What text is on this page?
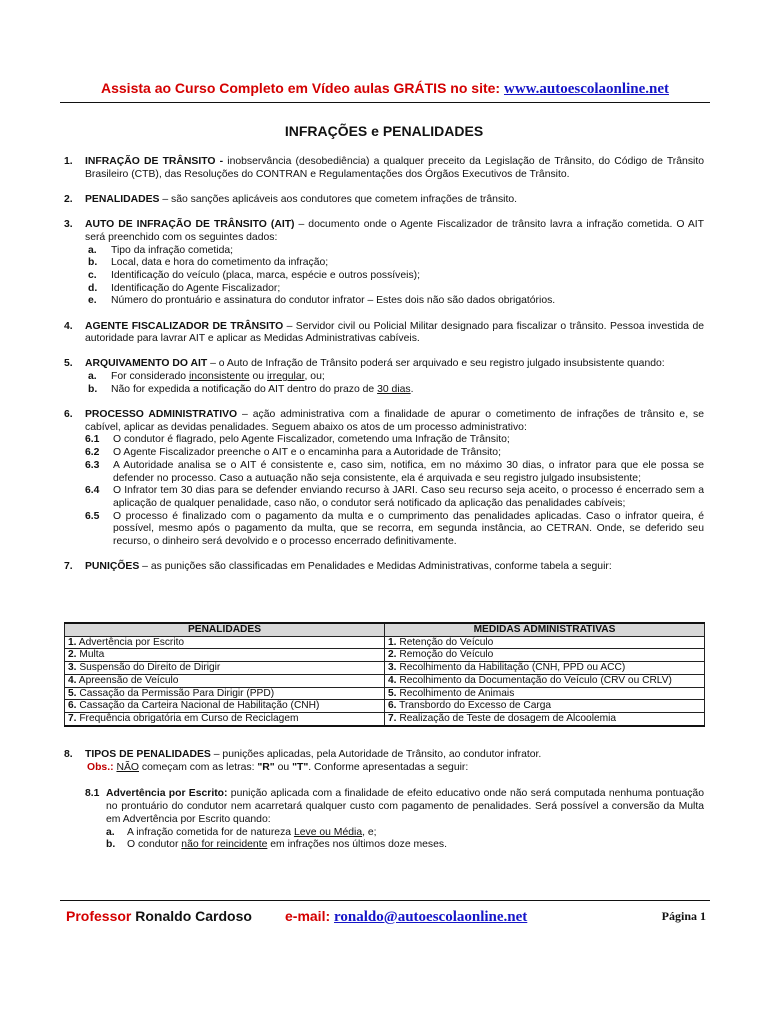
Assista ao Curso Completo em Vídeo aulas GRÁTIS no site: www.autoescolaonline.net
INFRAÇÕES e PENALIDADES
1. INFRAÇÃO DE TRÂNSITO - inobservância (desobediência) a qualquer preceito da Legislação de Trânsito, do Código de Trânsito Brasileiro (CTB), das Resoluções do CONTRAN e Regulamentações dos Órgãos Executivos de Trânsito.
2. PENALIDADES – são sanções aplicáveis aos condutores que cometem infrações de trânsito.
3. AUTO DE INFRAÇÃO DE TRÂNSITO (AIT) – documento onde o Agente Fiscalizador de trânsito lavra a infração cometida. O AIT será preenchido com os seguintes dados:
a. Tipo da infração cometida;
b. Local, data e hora do cometimento da infração;
c. Identificação do veículo (placa, marca, espécie e outros possíveis);
d. Identificação do Agente Fiscalizador;
e. Número do prontuário e assinatura do condutor infrator – Estes dois não são dados obrigatórios.
4. AGENTE FISCALIZADOR DE TRÂNSITO – Servidor civil ou Policial Militar designado para fiscalizar o trânsito. Pessoa investida de autoridade para lavrar AIT e aplicar as Medidas Administrativas cabíveis.
5. ARQUIVAMENTO DO AIT – o Auto de Infração de Trânsito poderá ser arquivado e seu registro julgado insubsistente quando:
a. For considerado inconsistente ou irregular, ou;
b. Não for expedida a notificação do AIT dentro do prazo de 30 dias.
6. PROCESSO ADMINISTRATIVO – ação administrativa com a finalidade de apurar o cometimento de infrações de trânsito e, se cabível, aplicar as devidas penalidades. Seguem abaixo os atos de um processo administrativo:
6.1 O condutor é flagrado, pelo Agente Fiscalizador, cometendo uma Infração de Trânsito;
6.2 O Agente Fiscalizador preenche o AIT e o encaminha para a Autoridade de Trânsito;
6.3 A Autoridade analisa se o AIT é consistente e, caso sim, notifica, em no máximo 30 dias, o infrator para que ele possa se defender no processo. Caso a autuação não seja consistente, ela é arquivada e seu registro julgado insubsistente;
6.4 O Infrator tem 30 dias para se defender enviando recurso à JARI. Caso seu recurso seja aceito, o processo é encerrado sem a aplicação de qualquer penalidade, caso não, o condutor será notificado da aplicação das penalidades cabíveis;
6.5 O processo é finalizado com o pagamento da multa e o cumprimento das penalidades aplicadas. Caso o infrator queira, é possível, mesmo após o pagamento da multa, que se recorra, em segunda instância, ao CETRAN. Onde, se deferido seu recurso, o dinheiro será devolvido e o processo encerrado definitivamente.
7. PUNIÇÕES – as punições são classificadas em Penalidades e Medidas Administrativas, conforme tabela a seguir:
PENALIDADES	MEDIDAS ADMINISTRATIVAS
1. Advertência por Escrito	1. Retenção do Veículo
2. Multa	2. Remoção do Veículo
3. Suspensão do Direito de Dirigir	3. Recolhimento da Habilitação (CNH, PPD ou ACC)
4. Apreensão de Veículo	4. Recolhimento da Documentação do Veículo (CRV ou CRLV)
5. Cassação da Permissão Para Dirigir (PPD)	5. Recolhimento de Animais
6. Cassação da Carteira Nacional de Habilitação (CNH)	6. Transbordo do Excesso de Carga
7. Frequência obrigatória em Curso de Reciclagem	7. Realização de Teste de dosagem de Alcoolemia
8. TIPOS DE PENALIDADES – punições aplicadas, pela Autoridade de Trânsito, ao condutor infrator.
Obs.: NÃO começam com as letras: "R" ou "T". Conforme apresentadas a seguir:
8.1 Advertência por Escrito: punição aplicada com a finalidade de efeito educativo onde não será computada nenhuma pontuação no prontuário do condutor nem acarretará qualquer custo com pagamento de penalidades. Será possível a conversão da Multa em Advertência por Escrito quando:
a. A infração cometida for de natureza Leve ou Média, e;
b. O condutor não for reincidente em infrações nos últimos doze meses.
Professor Ronaldo Cardoso e-mail: ronaldo@autoescolaonline.net	Página 1
